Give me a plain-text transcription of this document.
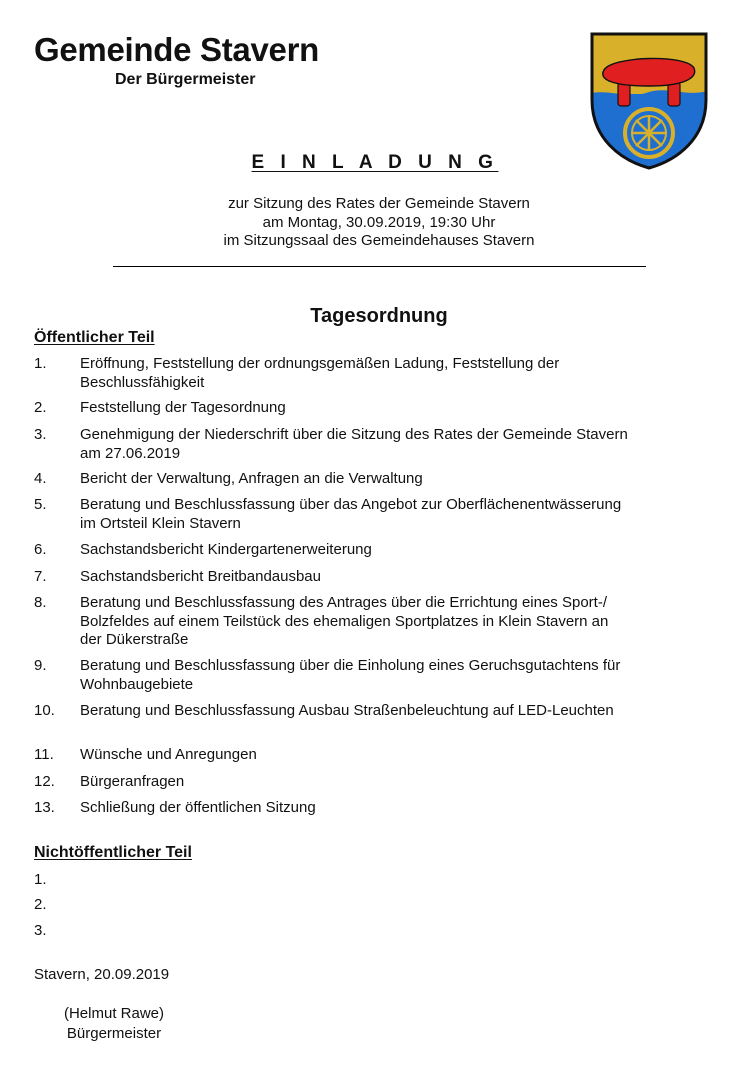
Gemeinde Stavern
Der Bürgermeister
E I N L A D U N G
zur Sitzung des Rates der Gemeinde Stavern
am Montag, 30.09.2019, 19:30 Uhr
im Sitzungssaal des Gemeindehauses Stavern
Tagesordnung
Öffentlicher Teil
1.	Eröffnung, Feststellung der ordnungsgemäßen Ladung, Feststellung der Beschlussfähigkeit
2.	Feststellung der Tagesordnung
3.	Genehmigung der Niederschrift über die Sitzung des Rates der Gemeinde Stavern am 27.06.2019
4.	Bericht der Verwaltung, Anfragen an die Verwaltung
5.	Beratung und Beschlussfassung über das Angebot zur Oberflächenentwässerung im Ortsteil Klein Stavern
6.	Sachstandsbericht Kindergartenerweiterung
7.	Sachstandsbericht Breitbandausbau
8.	Beratung und Beschlussfassung des Antrages über die Errichtung eines Sport-/ Bolzfeldes auf einem Teilstück des ehemaligen Sportplatzes in Klein Stavern an der Dükerstraße
9.	Beratung und Beschlussfassung über die Einholung eines Geruchsgutachtens für Wohnbaugebiete
10.	Beratung und Beschlussfassung Ausbau Straßenbeleuchtung auf LED-Leuchten
11.	Wünsche und Anregungen
12.	Bürgeranfragen
13.	Schließung der öffentlichen Sitzung
Nichtöffentlicher Teil
1.
2.
3.
Stavern, 20.09.2019
(Helmut Rawe)
Bürgermeister
